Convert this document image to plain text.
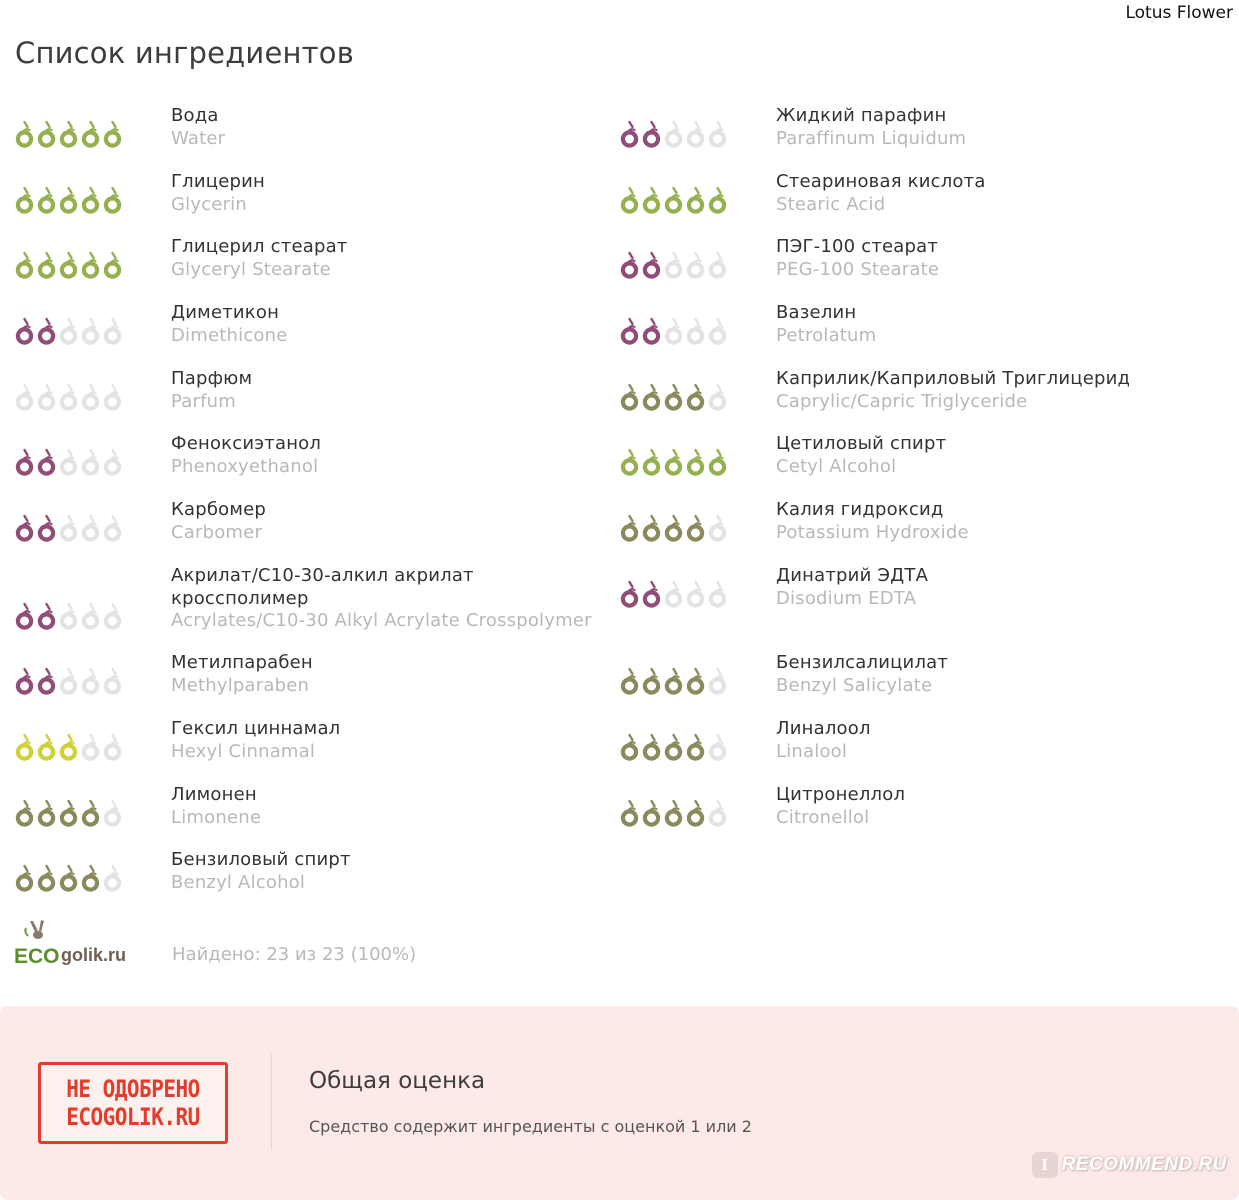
Lotus Flower
Список ингредиентов
Вода
Water
Глицерин
Glycerin
Глицерил стеарат
Glyceryl Stearate
Диметикон
Dimethicone
Парфюм
Parfum
Феноксиэтанол
Phenoxyethanol
Карбомер
Carbomer
Акрилат/C10-30-алкил акрилат
кроссполимер
Acrylates/C10-30 Alkyl Acrylate Crosspolymer
Метилпарабен
Methylparaben
Гексил циннамал
Hexyl Cinnamal
Лимонен
Limonene
Бензиловый спирт
Benzyl Alcohol
Жидкий парафин
Paraffinum Liquidum
Стеариновая кислота
Stearic Acid
ПЭГ-100 стеарат
PEG-100 Stearate
Вазелин
Petrolatum
Каприлик/Каприловый Триглицерид
Caprylic/Capric Triglyceride
Цетиловый спирт
Cetyl Alcohol
Калия гидроксид
Potassium Hydroxide
Динатрий ЭДТА
Disodium EDTA
Бензилсалицилат
Benzyl Salicylate
Линалоол
Linalool
Цитронеллол
Citronellol
ECO golik.ru	Найдено: 23 из 23 (100%)
НЕ ОДОБРЕНО
ECOGOLIK.RU
Общая оценка
Средство содержит ингредиенты с оценкой 1 или 2
I RECOMMEND.RU
